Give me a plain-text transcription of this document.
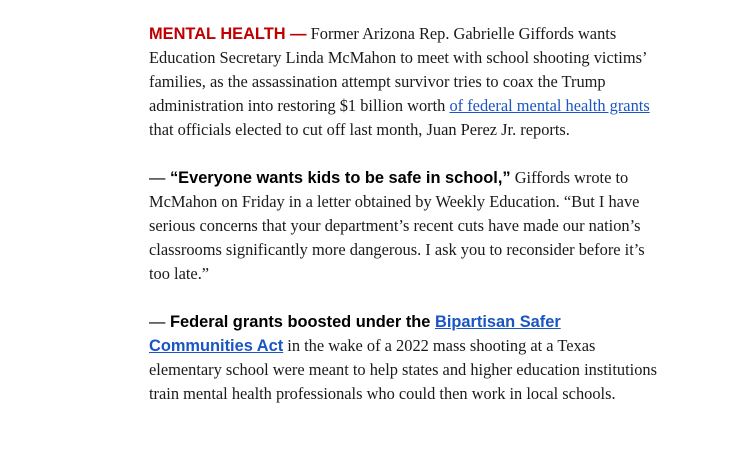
MENTAL HEALTH — Former Arizona Rep. Gabrielle Giffords wants Education Secretary Linda McMahon to meet with school shooting victims’ families, as the assassination attempt survivor tries to coax the Trump administration into restoring $1 billion worth of federal mental health grants that officials elected to cut off last month, Juan Perez Jr. reports.

— “Everyone wants kids to be safe in school,” Giffords wrote to McMahon on Friday in a letter obtained by Weekly Education. “But I have serious concerns that your department’s recent cuts have made our nation’s classrooms significantly more dangerous. I ask you to reconsider before it’s too late.”

— Federal grants boosted under the Bipartisan Safer Communities Act in the wake of a 2022 mass shooting at a Texas elementary school were meant to help states and higher education institutions train mental health professionals who could then work in local schools.
